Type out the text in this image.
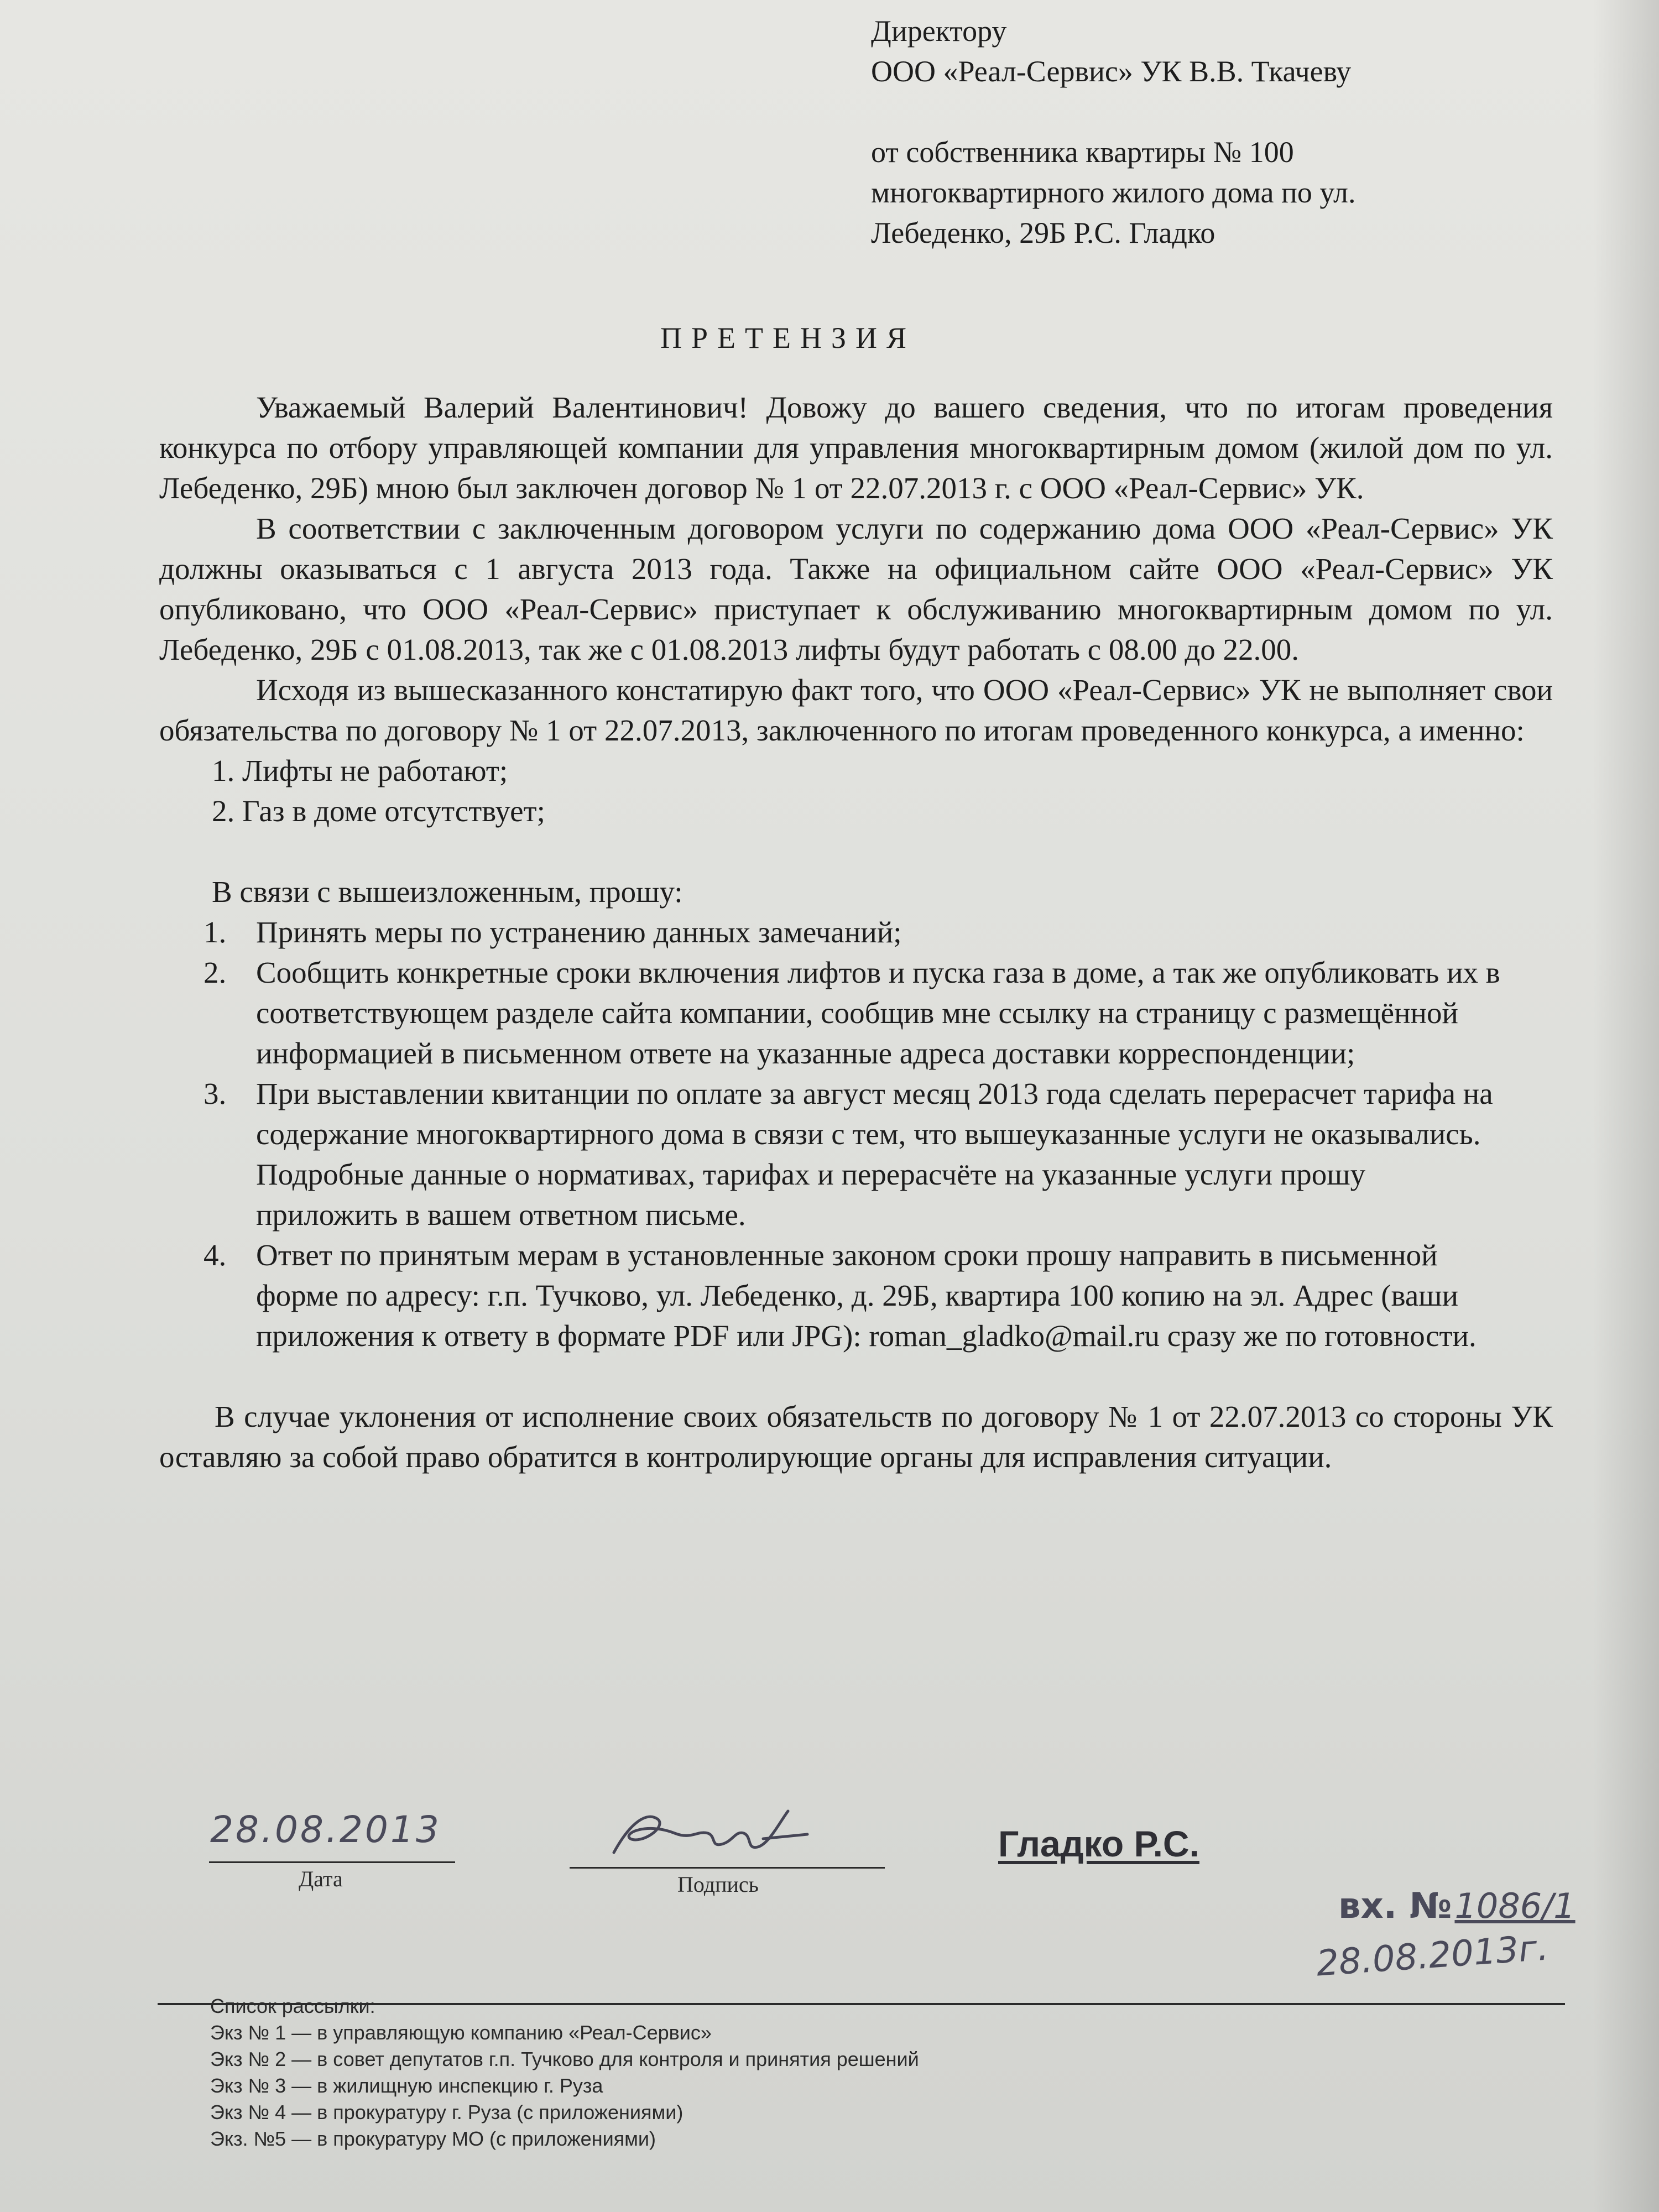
Директору
ООО «Реал-Сервис» УК В.В. Ткачеву
от собственника квартиры № 100
многоквартирного жилого дома по ул.
Лебеденко, 29Б Р.С. Гладко
ПРЕТЕНЗИЯ

Уважаемый Валерий Валентинович! Довожу до вашего сведения, что по итогам проведения конкурса по отбору управляющей компании для управления многоквартирным домом (жилой дом по ул. Лебеденко, 29Б) мною был заключен договор № 1 от 22.07.2013 г. с ООО «Реал-Сервис» УК.

В соответствии с заключенным договором услуги по содержанию дома ООО «Реал-Сервис» УК должны оказываться с 1 августа 2013 года. Также на официальном сайте ООО «Реал-Сервис» УК опубликовано, что ООО «Реал-Сервис» приступает к обслуживанию многоквартирным домом по ул. Лебеденко, 29Б с 01.08.2013, так же с 01.08.2013 лифты будут работать с 08.00 до 22.00.

Исходя из вышесказанного констатирую факт того, что ООО «Реал-Сервис» УК не выполняет свои обязательства по договору № 1 от 22.07.2013, заключенного по итогам проведенного конкурса, а именно:

1. Лифты не работают;
2. Газ в доме отсутствует;
В связи с вышеизложенным, прошу:
1. Принять меры по устранению данных замечаний;
2. Сообщить конкретные сроки включения лифтов и пуска газа в доме, а так же опубликовать их в соответствующем разделе сайта компании, сообщив мне ссылку на страницу с размещённой информацией в письменном ответе на указанные адреса доставки корреспонденции;
3. При выставлении квитанции по оплате за август месяц 2013 года сделать перерасчет тарифа на содержание многоквартирного дома в связи с тем, что вышеуказанные услуги не оказывались. Подробные данные о нормативах, тарифах и перерасчёте на указанные услуги прошу приложить в вашем ответном письме.
4. Ответ по принятым мерам в установленные законом сроки прошу направить в письменной форме по адресу: г.п. Тучково, ул. Лебеденко, д. 29Б, квартира 100 копию на эл. Адрес (ваши приложения к ответу в формате PDF или JPG): roman_gladko@mail.ru сразу же по готовности.

В случае уклонения от исполнение своих обязательств по договору № 1 от 22.07.2013 со стороны УК оставляю за собой право обратится в контролирующие органы для исправления ситуации.

28.08.2013
Дата	Подпись
Гладко Р.С.
вх. № 1086/1
28.08.2013г.
Список рассылки:
Экз № 1 — в управляющую компанию «Реал-Сервис»
Экз № 2 — в совет депутатов г.п. Тучково для контроля и принятия решений
Экз № 3 — в жилищную инспекцию г. Руза
Экз № 4 — в прокуратуру г. Руза (с приложениями)
Экз. №5 — в прокуратуру МО (с приложениями)
